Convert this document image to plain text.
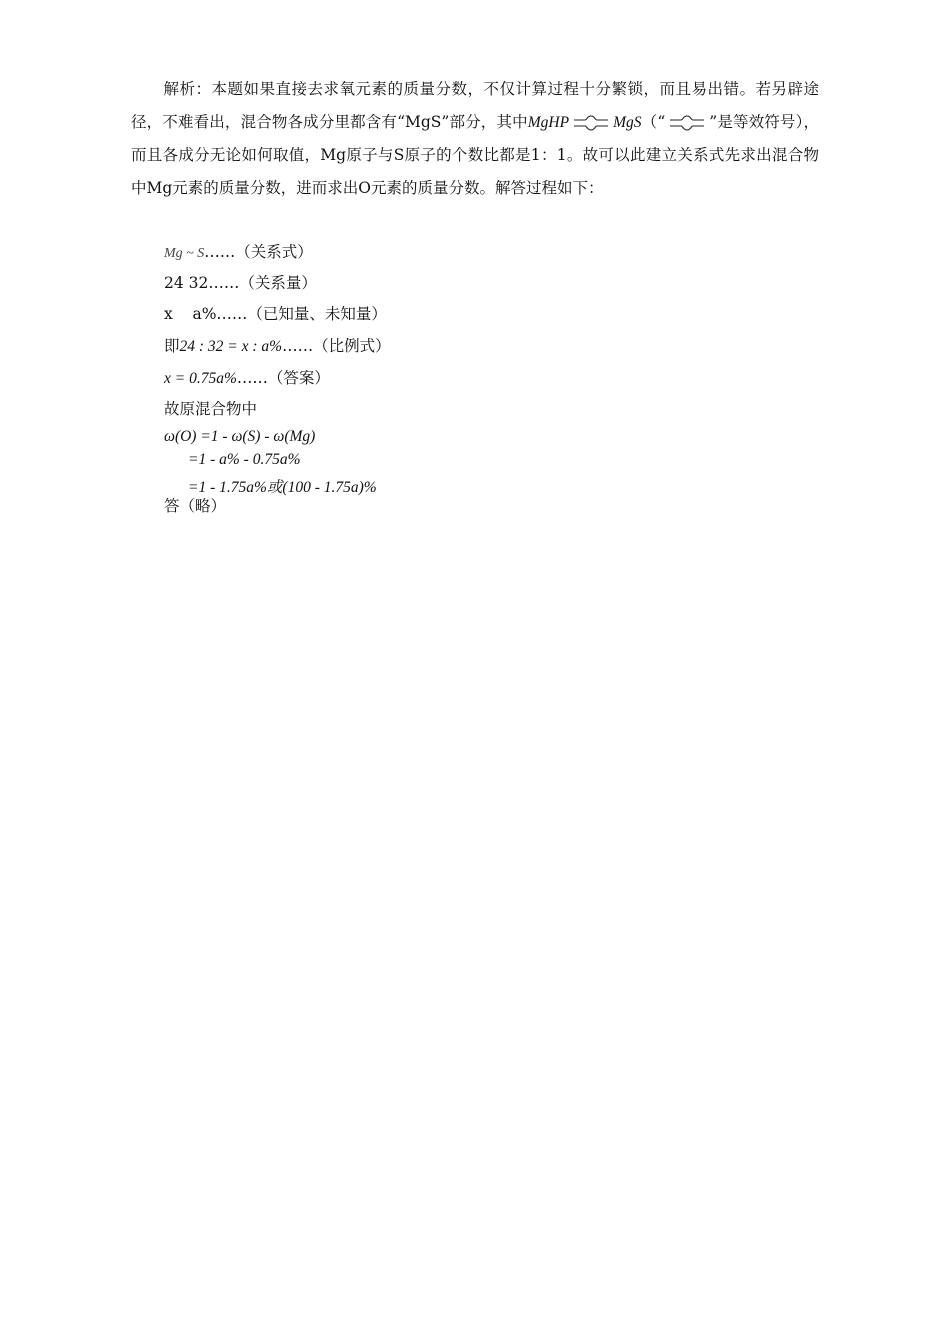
解析：本题如果直接去求氧元素的质量分数，不仅计算过程十分繁锁，而且易出错。若另辟途径，不难看出，混合物各成分里都含有“MgS”部分，其中MgHP	MgS（“	”是等效符号），而且各成分无论如何取值，Mg原子与S原子的个数比都是1：1。故可以此建立关系式先求出混合物中Mg元素的质量分数，进而求出O元素的质量分数。解答过程如下：

Mg ~ S……（关系式）
24 32……（关系量）
x    a%……（已知量、未知量）
即24 : 32 = x : a%……（比例式）
x = 0.75a%……（答案）
故原混合物中
ω(O) =1 - ω(S) - ω(Mg)
=1 - a% - 0.75a%
=1 - 1.75a%或(100 - 1.75a)%
答（略）
